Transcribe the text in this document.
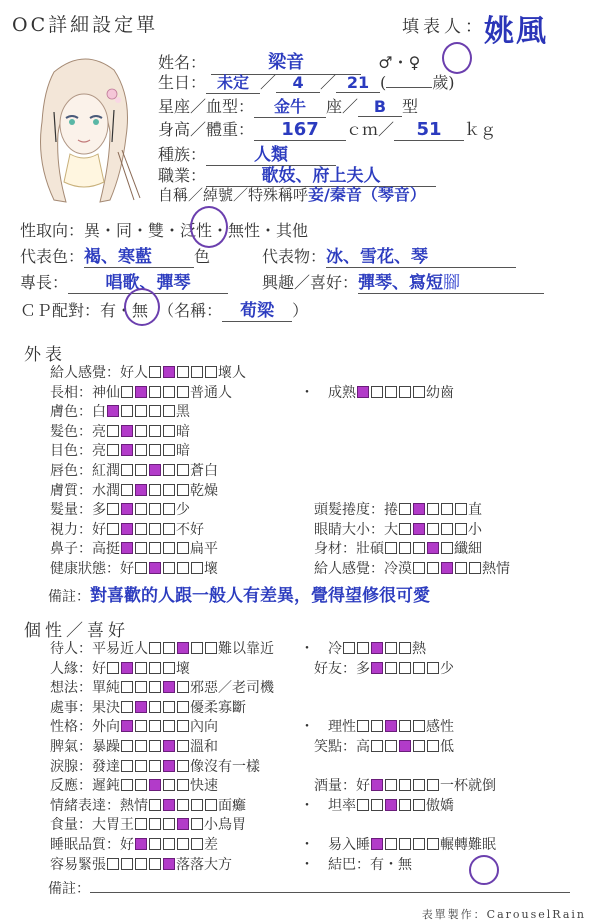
OC詳細設定單	填表人：
姚風
姓名：	梁音	♂・♀
生日： 未定 ／ 4 ／ 21 (	歲)
星座／血型： 金牛 座／ B 型
身高／體重： 167 ｃｍ／ 51 ｋｇ
種族：	人類
職業：	歌妓、府上夫人
自稱／綽號／特殊稱呼妾/秦音（琴音）
性取向：異・同・雙・泛性・無性・其他
代表色：褐、寒藍	色	代表物：冰、雪花、琴
專長： 唱歌、彈琴	興趣／喜好：彈琴、寫短腳
ＣＰ配對：有・無 （名稱： 荀梁 ）
外表
給人感覺：好人	壞人
長相：神仙	普通人	・ 成熟	幼齒
膚色：白	黑
髮色：亮	暗
目色：亮	暗
唇色：紅潤	蒼白
膚質：水潤	乾燥
髮量：多	少	頭髮捲度：捲	直
視力：好	不好	眼睛大小：大	小
鼻子：高挺	扁平	身材：壯碩	纖細
健康狀態：好	壞	給人感覺：冷漠	熱情
備註：對喜歡的人跟一般人有差異，覺得望修很可愛
個性／喜好
待人：平易近人	難以靠近 ・ 冷	熱
人緣：好	壞	好友：多	少
想法：單純	邪惡／老司機
處事：果決	優柔寡斷
性格：外向	內向	・ 理性	感性
脾氣：暴躁	溫和	笑點：高	低
淚腺：發達	像沒有一樣
反應：遲鈍	快速	酒量：好	一杯就倒
情緒表達：熱情	面癱	・ 坦率	傲嬌
食量：大胃王	小鳥胃
睡眠品質：好	差	・ 易入睡	輾轉難眠
容易緊張	落落大方	・ 結巴：有・無
備註：
表單製作：CarouselRain
